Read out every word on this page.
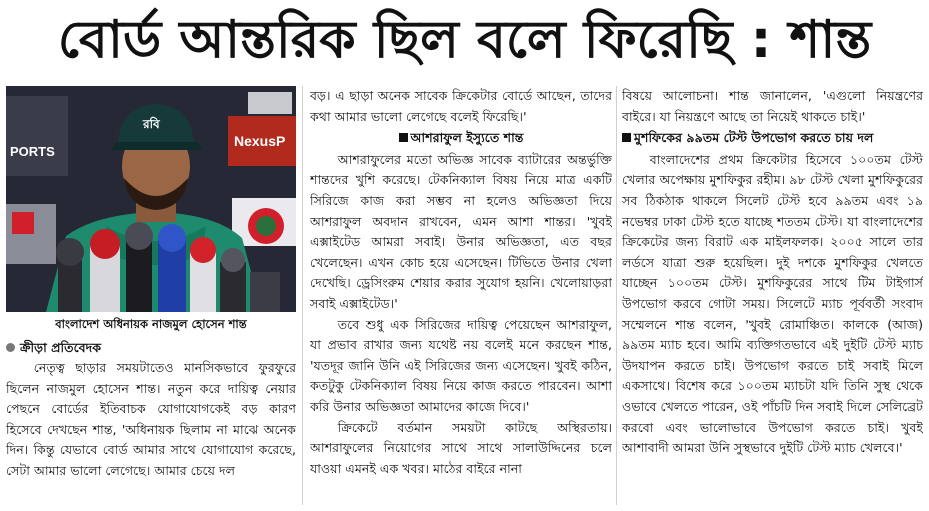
বোর্ড আন্তরিক ছিল বলে ফিরেছি : শান্ত
PORTS
NexusP
রবি
বাংলাদেশ অধিনায়ক নাজমুল হোসেন শান্ত
ক্রীড়া প্রতিবেদক

নেতৃত্ব ছাড়ার সময়টাতেও মানসিকভাবে ফুরফুরে ছিলেন নাজমুল হোসেন শান্ত। নতুন করে দায়িত্ব নেয়ার পেছনে বোর্ডের ইতিবাচক যোগাযোগকেই বড় কারণ হিসেবে দেখছেন শান্ত, 'অধিনায়ক ছিলাম না মাঝে অনেক দিন। কিন্তু যেভাবে বোর্ড আমার সাথে যোগাযোগ করেছে, সেটা আমার ভালো লেগেছে। আমার চেয়ে দল

বড়। এ ছাড়া অনেক সাবেক ক্রিকেটার বোর্ডে আছেন, তাদের কথা আমার ভালো লেগেছে বলেই ফিরেছি।'

আশরাফুল ইস্যুতে শান্ত

আশরাফুলের মতো অভিজ্ঞ সাবেক ব্যাটারের অন্তর্ভুক্তি শান্তদের খুশি করেছে। টেকনিক্যাল বিষয় নিয়ে মাত্র একটি সিরিজে কাজ করা সম্ভব না হলেও অভিজ্ঞতা দিয়ে আশরাফুল অবদান রাখবেন, এমন আশা শান্তর। 'খুবই এক্সাইটেড আমরা সবাই। উনার অভিজ্ঞতা, এত বছর খেলেছেন। এখন কোচ হয়ে এসেছেন। টিভিতে উনার খেলা দেখেছি। ড্রেসিংরুম শেয়ার করার সুযোগ হয়নি। খেলোয়াড়রা সবাই এক্সাইটেড।'

তবে শুধু এক সিরিজের দায়িত্ব পেয়েছেন আশরাফুল, যা প্রভাব রাখার জন্য যথেষ্ট নয় বলেই মনে করছেন শান্ত, 'যতদূর জানি উনি এই সিরিজের জন্য এসেছেন। খুবই কঠিন, কতটুকু টেকনিক্যাল বিষয় নিয়ে কাজ করতে পারবেন। আশা করি উনার অভিজ্ঞতা আমাদের কাজে দিবে।'

ক্রিকেটে বর্তমান সময়টা কাটছে অস্থিরতায়। আশরাফুলের নিয়োগের সাথে সাথে সালাউদ্দিনের চলে যাওয়া এমনই এক খবর। মাঠের বাইরে নানা

বিষয়ে আলোচনা। শান্ত জানালেন, 'এগুলো নিয়ন্ত্রণের বাইরে। যা নিয়ন্ত্রণে আছে তা নিয়েই থাকতে চাই।'

মুশফিকের ৯৯তম টেস্ট উপভোগ করতে চায় দল

বাংলাদেশের প্রথম ক্রিকেটার হিসেবে ১০০তম টেস্ট খেলার অপেক্ষায় মুশফিকুর রহীম। ৯৮ টেস্ট খেলা মুশফিকুরের সব ঠিকঠাক থাকলে সিলেট টেস্ট হবে ৯৯তম এবং ১৯ নভেম্বর ঢাকা টেস্ট হতে যাচ্ছে শততম টেস্ট। যা বাংলাদেশের ক্রিকেটের জন্য বিরাট এক মাইলফলক। ২০০৫ সালে তার লর্ডসে যাত্রা শুরু হয়েছিল। দুই দশকে মুশফিকুর খেলতে যাচ্ছেন ১০০তম টেস্ট। মুশফিকুরের সাথে টিম টাইগার্স উপভোগ করবে গোটা সময়। সিলেটে ম্যাচ পূর্ববর্তী সংবাদ সম্মেলনে শান্ত বলেন, 'খুবই রোমাঞ্চিত। কালকে (আজ) ৯৯তম ম্যাচ হবে। আমি ব্যক্তিগতভাবে এই দুইটি টেস্ট ম্যাচ উদযাপন করতে চাই। উপভোগ করতে চাই সবাই মিলে একসাথে। বিশেষ করে ১০০তম ম্যাচটা যদি তিনি সুস্থ থেকে ওভাবে খেলতে পারেন, ওই পাঁচটি দিন সবাই দিলে সেলিব্রেট করবো এবং ভালোভাবে উপভোগ করতে চাই। খুবই আশাবাদী আমরা উনি সুস্থভাবে দুইটি টেস্ট ম্যাচ খেলবে।'
